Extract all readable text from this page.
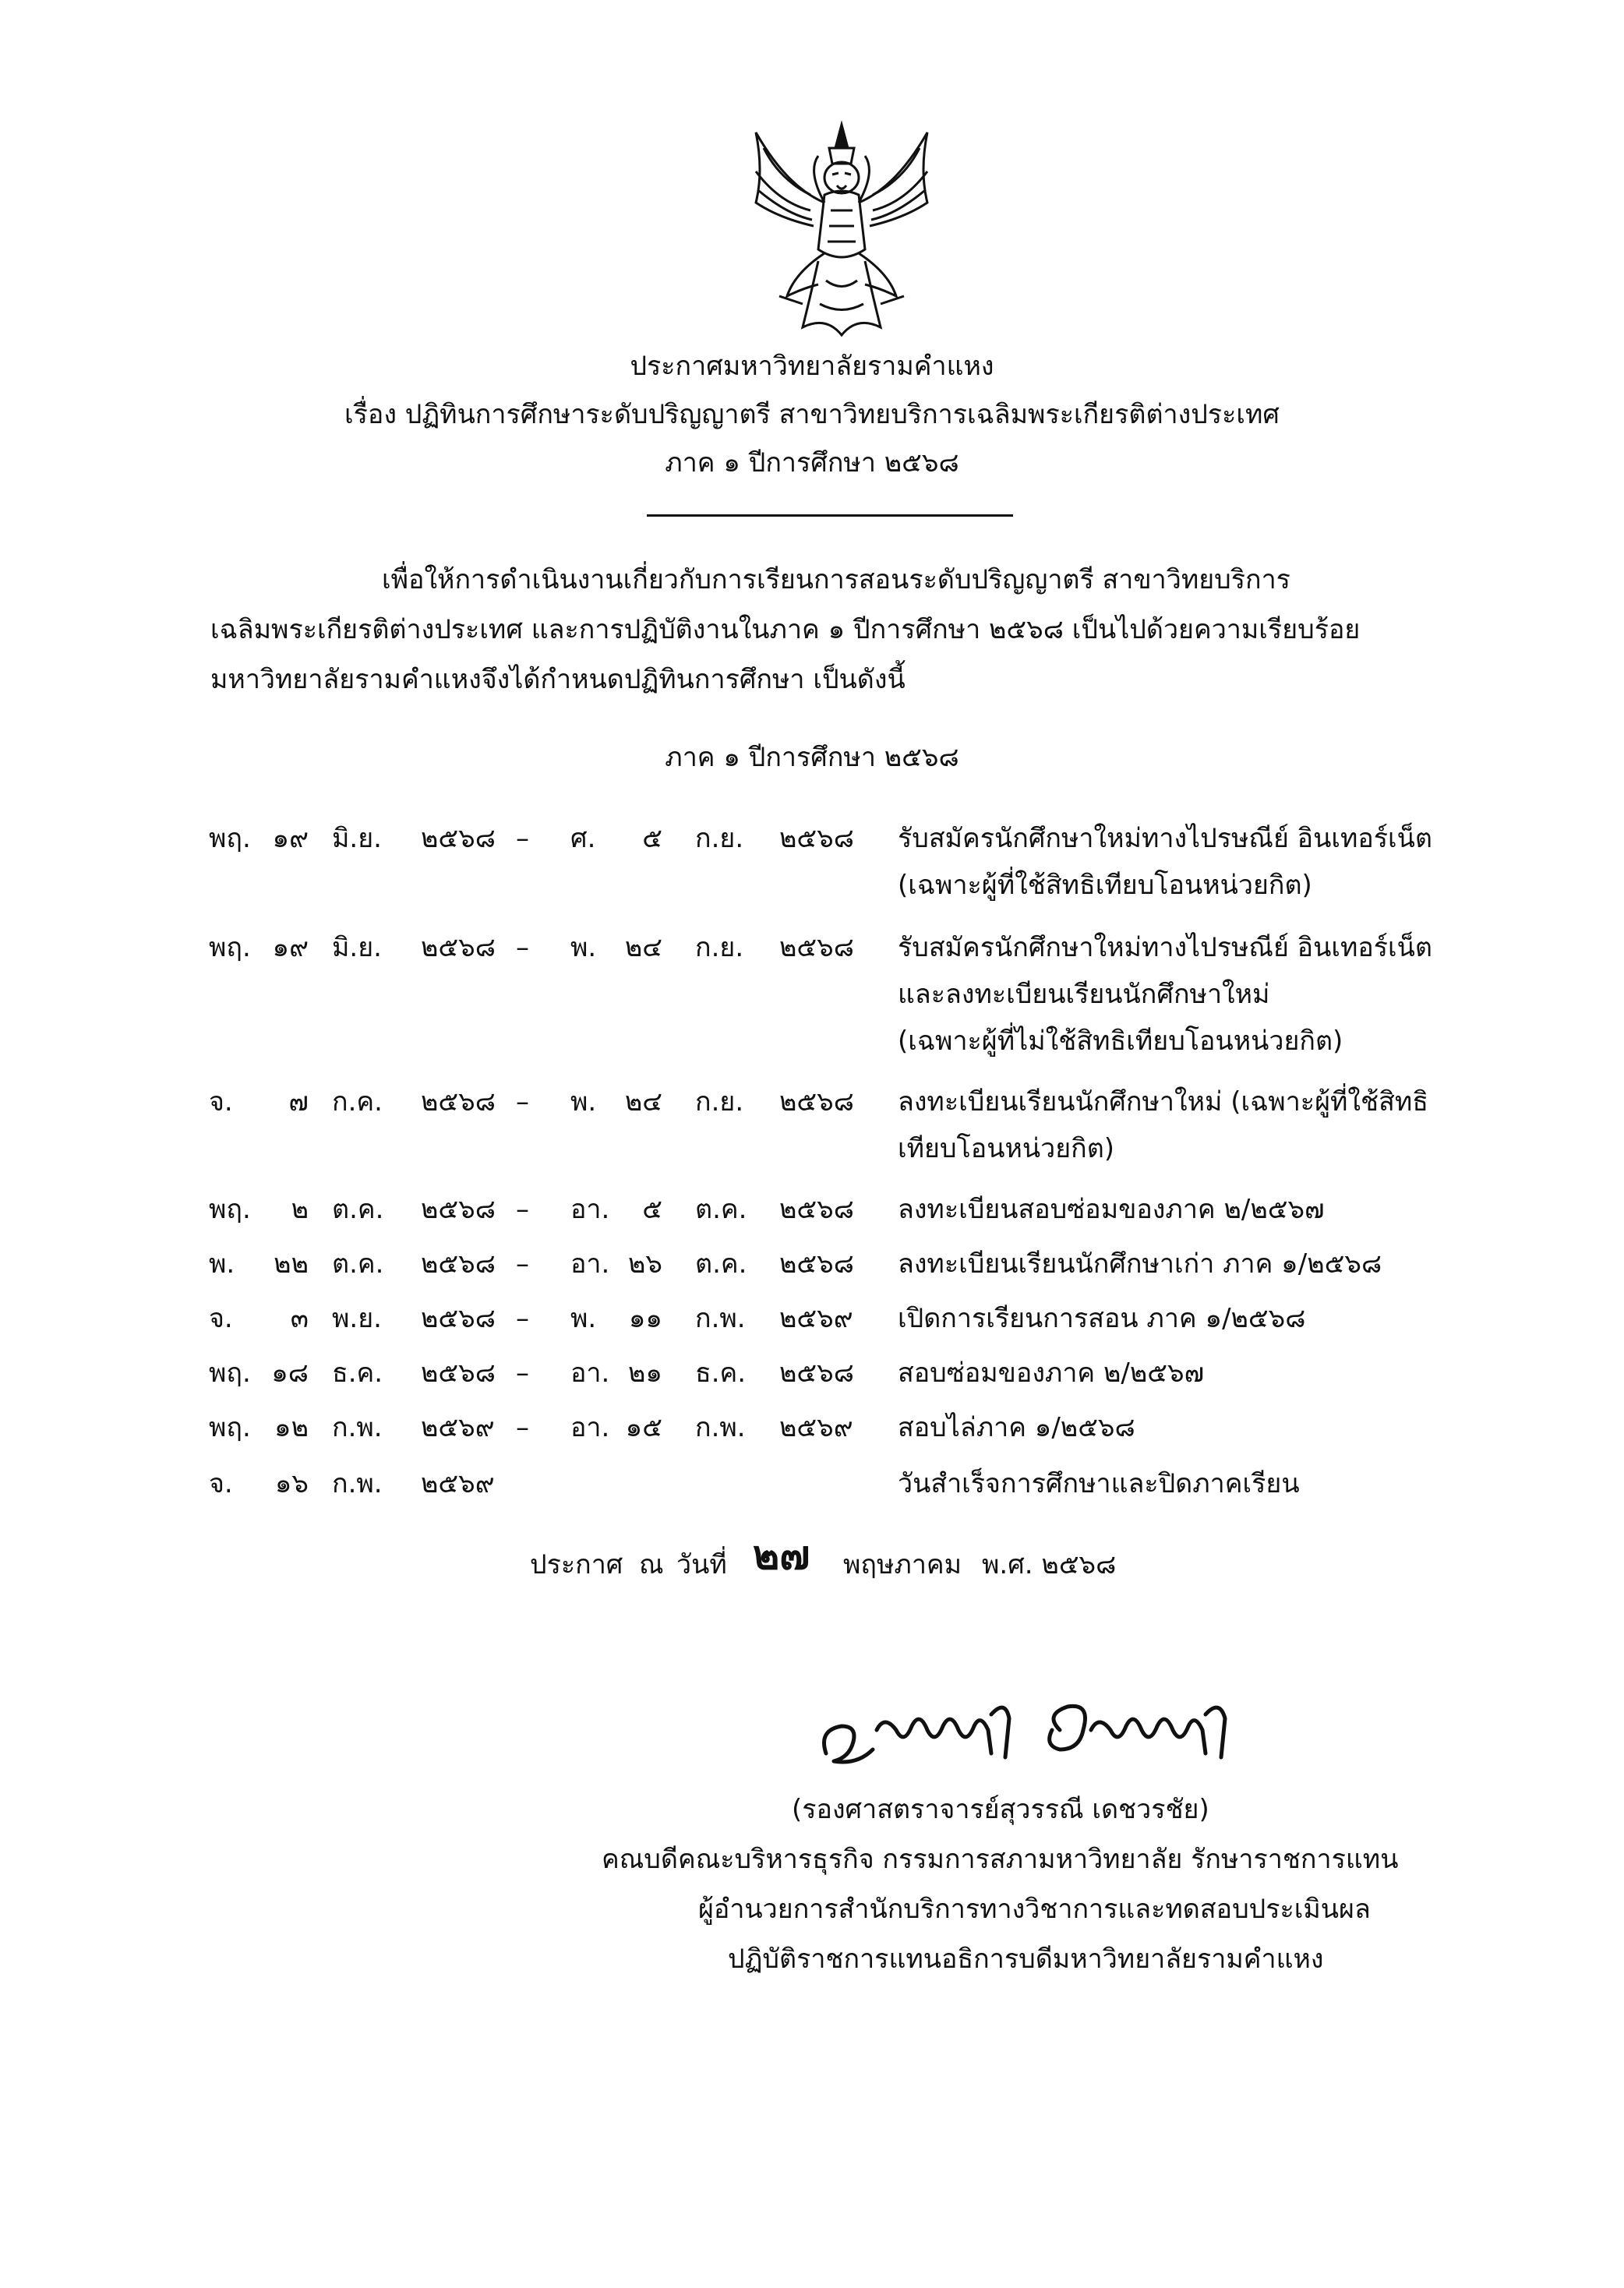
ประกาศมหาวิทยาลัยรามคำแหง
เรื่อง ปฏิทินการศึกษาระดับปริญญาตรี สาขาวิทยบริการเฉลิมพระเกียรติต่างประเทศ
ภาค ๑ ปีการศึกษา ๒๕๖๘

เพื่อให้การดำเนินงานเกี่ยวกับการเรียนการสอนระดับปริญญาตรี สาขาวิทยบริการ

เฉลิมพระเกียรติต่างประเทศ และการปฏิบัติงานในภาค ๑ ปีการศึกษา ๒๕๖๘ เป็นไปด้วยความเรียบร้อย

มหาวิทยาลัยรามคำแหงจึงได้กำหนดปฏิทินการศึกษา เป็นดังนี้

ภาค ๑ ปีการศึกษา ๒๕๖๘
พฤ. ๑๙ มิ.ย.	๒๕๖๘ –	ศ.	๕ ก.ย.	๒๕๖๘ รับสมัครนักศึกษาใหม่ทางไปรษณีย์ อินเทอร์เน็ต
(เฉพาะผู้ที่ใช้สิทธิเทียบโอนหน่วยกิต)
พฤ. ๑๙ มิ.ย.	๒๕๖๘ –	พ.	๒๔ ก.ย.	๒๕๖๘ รับสมัครนักศึกษาใหม่ทางไปรษณีย์ อินเทอร์เน็ต
และลงทะเบียนเรียนนักศึกษาใหม่
(เฉพาะผู้ที่ไม่ใช้สิทธิเทียบโอนหน่วยกิต)
จ.	๗ ก.ค.	๒๕๖๘ –	พ.	๒๔ ก.ย.	๒๕๖๘ ลงทะเบียนเรียนนักศึกษาใหม่ (เฉพาะผู้ที่ใช้สิทธิ
เทียบโอนหน่วยกิต)
พฤ.	๒ ต.ค.	๒๕๖๘ –	อา.	๕ ต.ค.	๒๕๖๘ ลงทะเบียนสอบซ่อมของภาค ๒/๒๕๖๗
พ.	๒๒ ต.ค.	๒๕๖๘ –	อา. ๒๖ ต.ค.	๒๕๖๘ ลงทะเบียนเรียนนักศึกษาเก่า ภาค ๑/๒๕๖๘
จ.	๓ พ.ย.	๒๕๖๘ –	พ.	๑๑ ก.พ.	๒๕๖๙ เปิดการเรียนการสอน ภาค ๑/๒๕๖๘
พฤ. ๑๘ ธ.ค.	๒๕๖๘ –	อา. ๒๑ ธ.ค.	๒๕๖๘ สอบซ่อมของภาค ๒/๒๕๖๗
พฤ. ๑๒ ก.พ.	๒๕๖๙ –	อา. ๑๕ ก.พ.	๒๕๖๙ สอบไล่ภาค ๑/๒๕๖๘
จ.	๑๖ ก.พ.	๒๕๖๙	วันสำเร็จการศึกษาและปิดภาคเรียน
ประกาศ ณ วันที่ ๒๗ พฤษภาคม พ.ศ. ๒๕๖๘
(รองศาสตราจารย์สุวรรณี เดชวรชัย)
คณบดีคณะบริหารธุรกิจ กรรมการสภามหาวิทยาลัย รักษาราชการแทน
ผู้อำนวยการสำนักบริการทางวิชาการและทดสอบประเมินผล
ปฏิบัติราชการแทนอธิการบดีมหาวิทยาลัยรามคำแหง
